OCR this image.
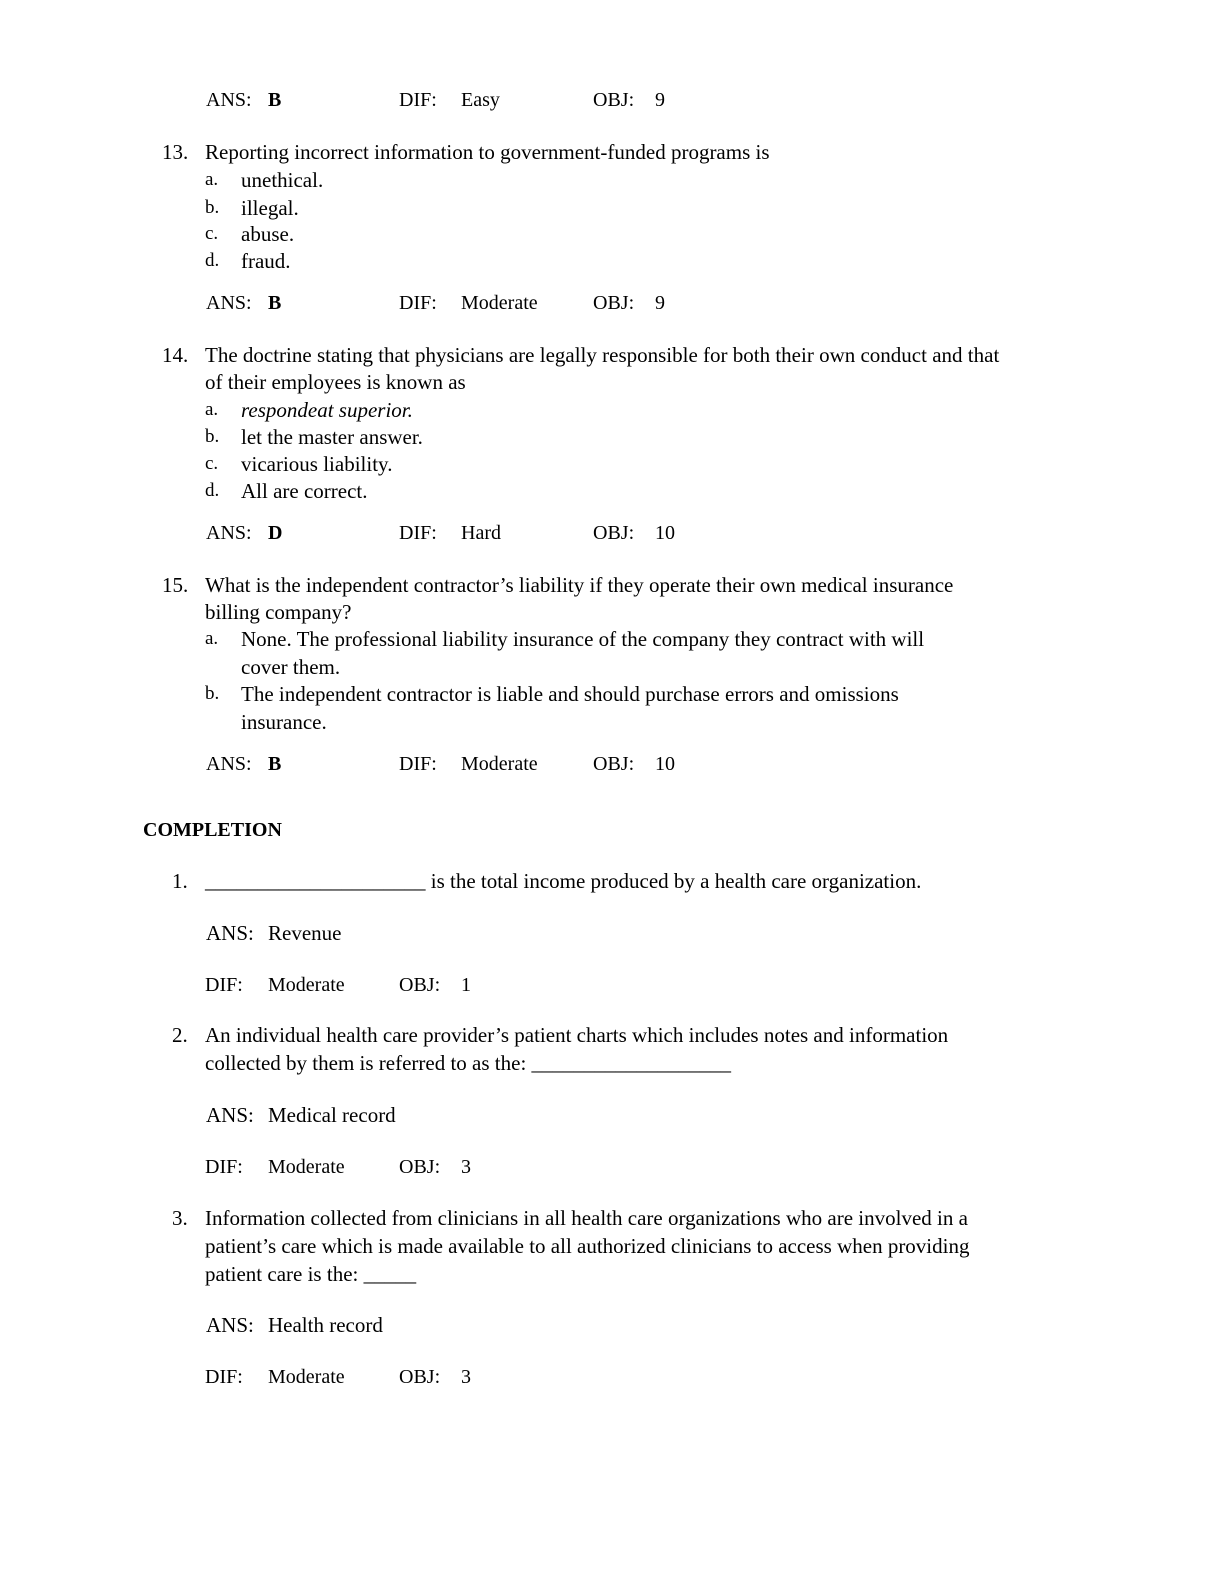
ANS: B	DIF: Easy	OBJ: 9
13. Reporting incorrect information to government-funded programs is
a. unethical.
b. illegal.
c. abuse.
d. fraud.
ANS: B	DIF: Moderate	OBJ: 9
14. The doctrine stating that physicians are legally responsible for both their own conduct and that
of their employees is known as
a. respondeat superior.
b. let the master answer.
c. vicarious liability.
d. All are correct.
ANS: D	DIF: Hard	OBJ: 10
15. What is the independent contractor’s liability if they operate their own medical insurance
billing company?
a. None. The professional liability insurance of the company they contract with will
cover them.
b. The independent contractor is liable and should purchase errors and omissions
insurance.
ANS: B	DIF: Moderate	OBJ: 10
COMPLETION
1. _____________________ is the total income produced by a health care organization.
ANS: Revenue
DIF: Moderate	OBJ: 1
2. An individual health care provider’s patient charts which includes notes and information
collected by them is referred to as the: ___________________
ANS: Medical record
DIF: Moderate	OBJ: 3
3. Information collected from clinicians in all health care organizations who are involved in a
patient’s care which is made available to all authorized clinicians to access when providing
patient care is the: _____
ANS: Health record
DIF: Moderate	OBJ: 3
